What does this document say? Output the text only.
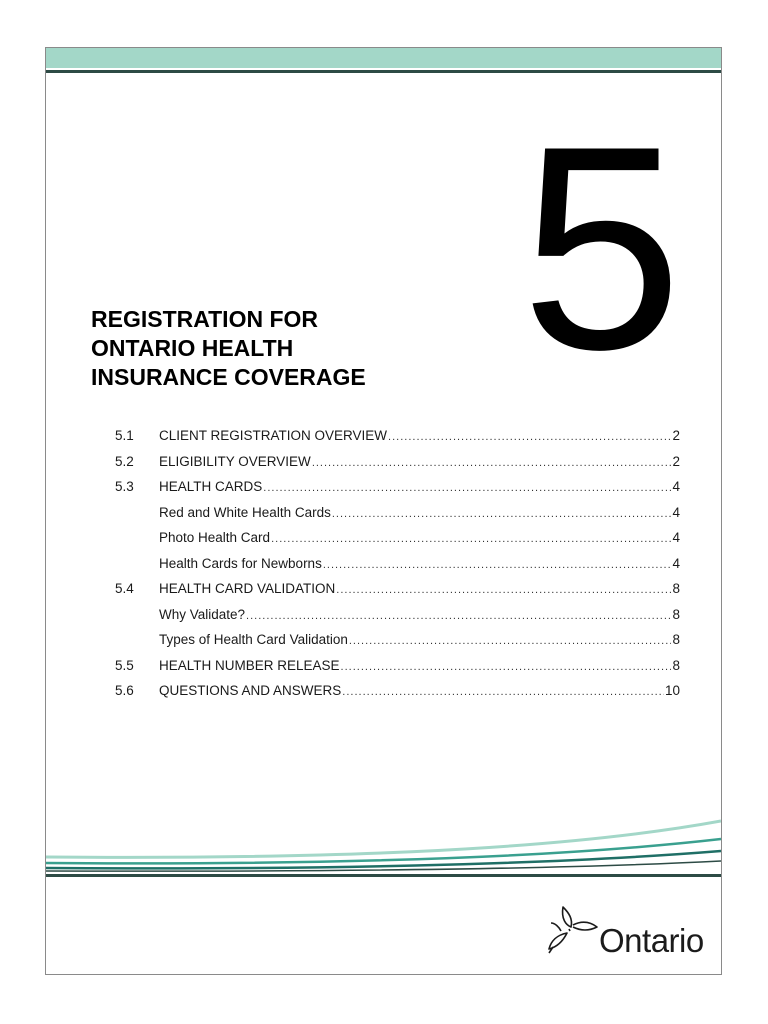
5
REGISTRATION FOR
ONTARIO HEALTH
INSURANCE COVERAGE
5.1	CLIENT REGISTRATION OVERVIEW .....	2
5.2	ELIGIBILITY OVERVIEW .....	2
5.3	HEALTH CARDS .....	4
Red and White Health Cards .....	4
Photo Health Card .....	4
Health Cards for Newborns .....	4
5.4	HEALTH CARD VALIDATION .....	8
Why Validate? .....	8
Types of Health Card Validation .....	8
5.5	HEALTH NUMBER RELEASE .....	8
5.6	QUESTIONS AND ANSWERS .....	10
Ontario
